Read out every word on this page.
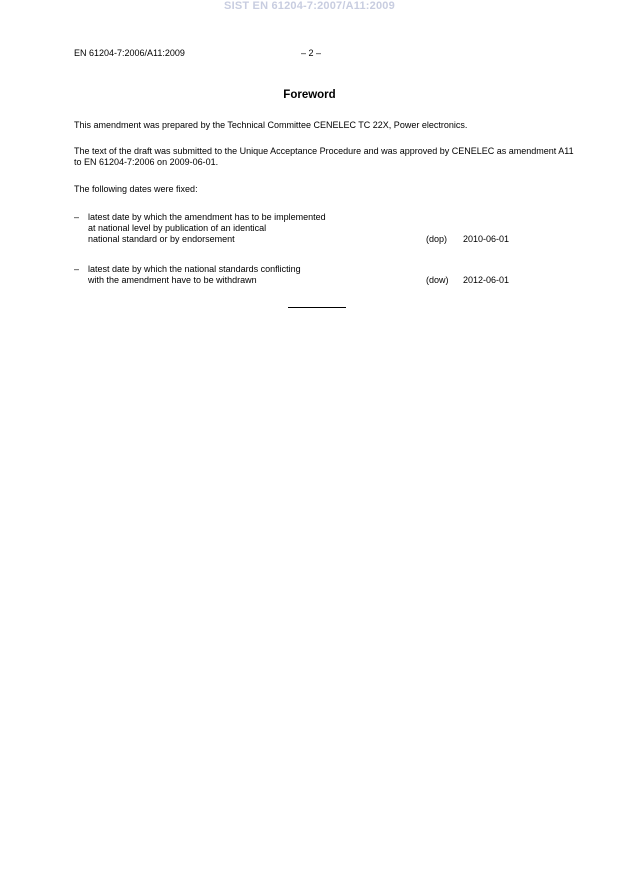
SIST EN 61204-7:2007/A11:2009
EN 61204-7:2006/A11:2009	– 2 –
Foreword
This amendment was prepared by the Technical Committee CENELEC TC 22X, Power electronics.
The text of the draft was submitted to the Unique Acceptance Procedure and was approved by CENELEC as amendment A11 to EN 61204-7:2006 on 2009-06-01.
The following dates were fixed:
– latest date by which the amendment has to be implemented
at national level by publication of an identical
national standard or by endorsement	(dop) 2010-06-01
– latest date by which the national standards conflicting
with the amendment have to be withdrawn	(dow) 2012-06-01
